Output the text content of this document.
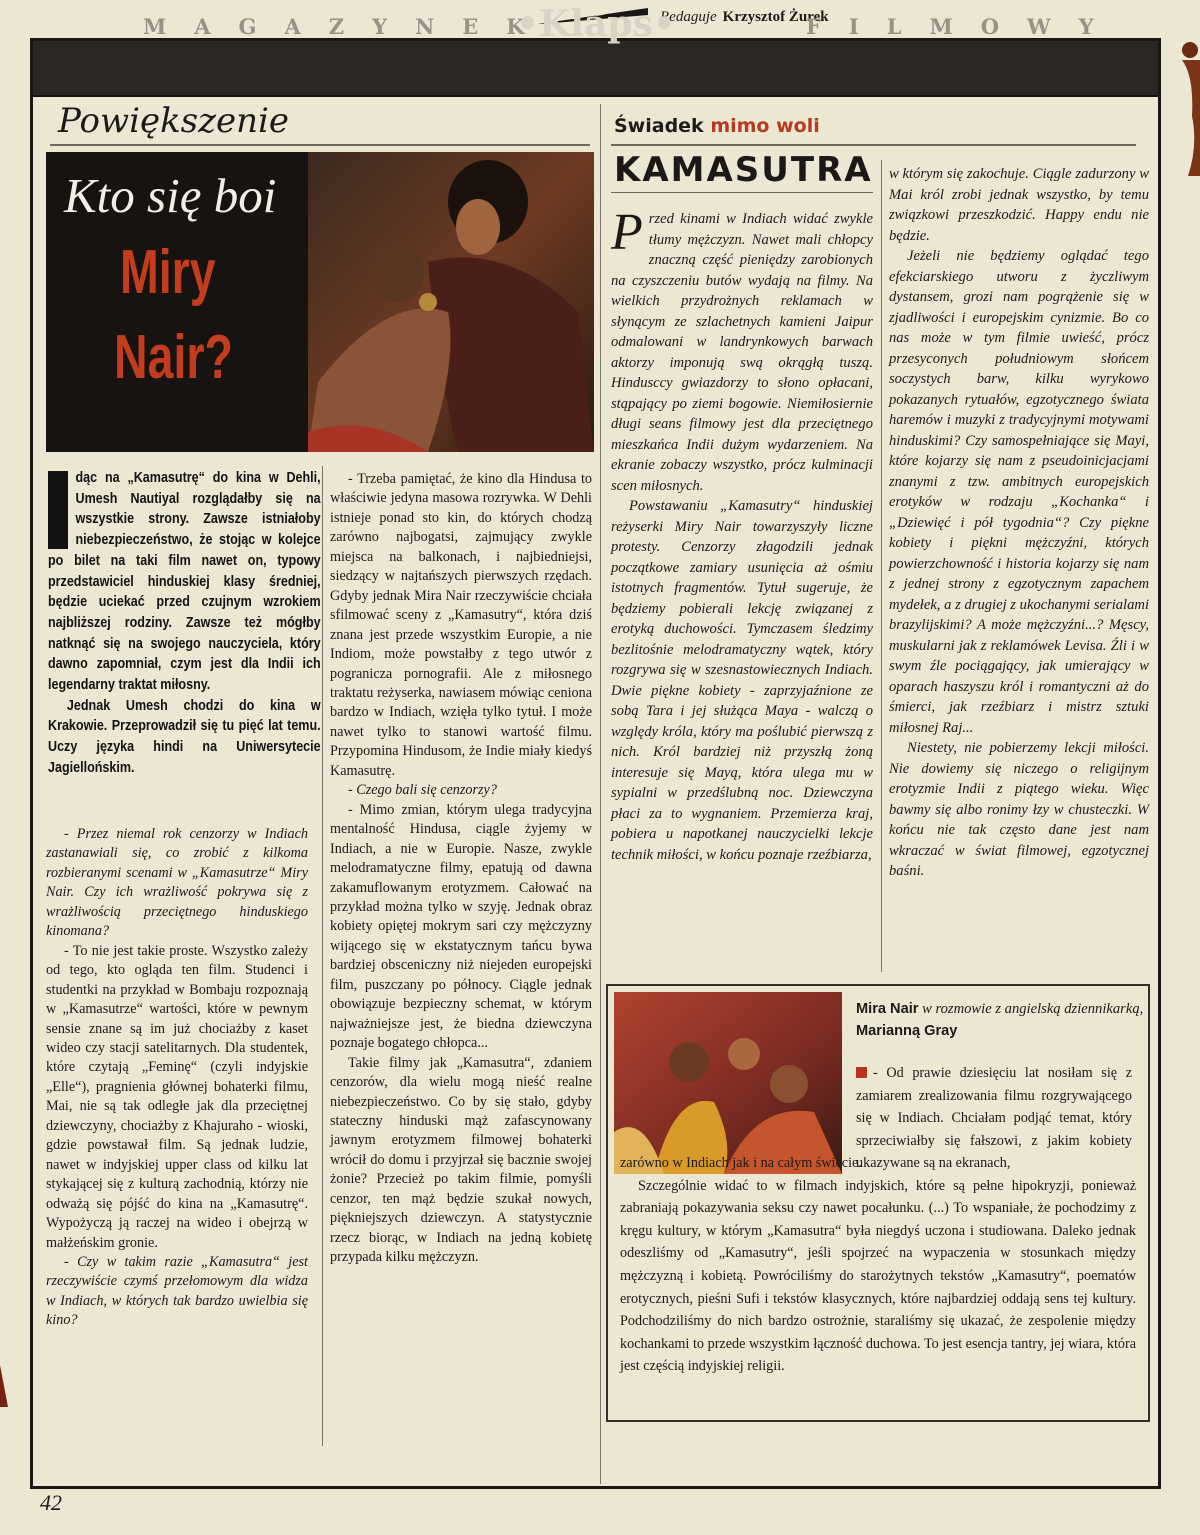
Redaguje Krzysztof Żurek
MAGAZYNEK
•Klaps•	FILMOWY
Powiększenie
Kto się boi
Miry
Nair?

dąc na „Kamasutrę“ do kina w Dehli, Umesh Nautiyal rozglądałby się na wszystkie strony. Zawsze istniałoby niebezpieczeństwo, że stojąc w kolejce po bilet na taki film nawet on, typowy przedstawiciel hinduskiej klasy średniej, będzie uciekać przed czujnym wzrokiem najbliższej rodziny. Zawsze też mógłby natknąć się na swojego nauczyciela, który dawno zapomniał, czym jest dla Indii ich legendarny traktat miłosny.

Jednak Umesh chodzi do kina w Krakowie. Przeprowadził się tu pięć lat temu. Uczy języka hindi na Uniwersytecie Jagiellońskim.

- Przez niemal rok cenzorzy w Indiach zastanawiali się, co zrobić z kilkoma rozbieranymi scenami w „Kamasutrze“ Miry Nair. Czy ich wrażliwość pokrywa się z wrażliwością przeciętnego hinduskiego kinomana?

- To nie jest takie proste. Wszystko zależy od tego, kto ogląda ten film. Studenci i studentki na przykład w Bombaju rozpoznają w „Kamasutrze“ wartości, które w pewnym sensie znane są im już chociażby z kaset wideo czy stacji satelitarnych. Dla studentek, które czytają „Feminę“ (czyli indyjskie „Elle“), pragnienia głównej bohaterki filmu, Mai, nie są tak odległe jak dla przeciętnej dziewczyny, chociażby z Khajuraho - wioski, gdzie powstawał film. Są jednak ludzie, nawet w indyjskiej upper class od kilku lat stykającej się z kulturą zachodnią, którzy nie odważą się pójść do kina na „Kamasutrę“. Wypożyczą ją raczej na wideo i obejrzą w małżeńskim gronie.

- Czy w takim razie „Kamasutra“ jest rzeczywiście czymś przełomowym dla widza w Indiach, w których tak bardzo uwielbia się kino?

- Trzeba pamiętać, że kino dla Hindusa to właściwie jedyna masowa rozrywka. W Dehli istnieje ponad sto kin, do których chodzą zarówno najbogatsi, zajmujący zwykle miejsca na balkonach, i najbiedniejsi, siedzący w najtańszych pierwszych rzędach. Gdyby jednak Mira Nair rzeczywiście chciała sfilmować sceny z „Kamasutry“, która dziś znana jest przede wszystkim Europie, a nie Indiom, może powstałby z tego utwór z pogranicza pornografii. Ale z miłosnego traktatu reżyserka, nawiasem mówiąc ceniona bardzo w Indiach, wzięła tylko tytuł. I może nawet tylko to stanowi wartość filmu. Przypomina Hindusom, że Indie miały kiedyś Kamasutrę.

- Czego bali się cenzorzy?

- Mimo zmian, którym ulega tradycyjna mentalność Hindusa, ciągle żyjemy w Indiach, a nie w Europie. Nasze, zwykle melodramatyczne filmy, epatują od dawna zakamuflowanym erotyzmem. Całować na przykład można tylko w szyję. Jednak obraz kobiety opiętej mokrym sari czy mężczyzny wijącego się w ekstatycznym tańcu bywa bardziej obsceniczny niż niejeden europejski film, puszczany po północy. Ciągle jednak obowiązuje bezpieczny schemat, w którym najważniejsze jest, że biedna dziewczyna poznaje bogatego chłopca...

Takie filmy jak „Kamasutra“, zdaniem cenzorów, dla wielu mogą nieść realne niebezpieczeństwo. Co by się stało, gdyby stateczny hinduski mąż zafascynowany jawnym erotyzmem filmowej bohaterki wrócił do domu i przyjrzał się bacznie swojej żonie? Przecież po takim filmie, pomyśli cenzor, ten mąż będzie szukał nowych, piękniejszych dziewczyn. A statystycznie rzecz biorąc, w Indiach na jedną kobietę przypada kilku mężczyzn.

Świadek mimo woli
KAMASUTRA
P rzed kinami w Indiach widać zwykle tłumy mężczyzn. Nawet mali chłopcy znaczną część pieniędzy zarobionych na czyszczeniu butów wydają na filmy. Na wielkich przydrożnych reklamach w słynącym ze szlachetnych kamieni Jaipur odmalowani w landrynkowych barwach aktorzy imponują swą okrągłą tuszą. Hindusccy gwiazdorzy to słono opłacani, stąpający po ziemi bogowie. Niemiłosiernie długi seans filmowy jest dla przeciętnego mieszkańca Indii dużym wydarzeniem. Na ekranie zobaczy wszystko, prócz kulminacji scen miłosnych.

Powstawaniu „Kamasutry“ hinduskiej reżyserki Miry Nair towarzyszyły liczne protesty. Cenzorzy złagodzili jednak początkowe zamiary usunięcia aż ośmiu istotnych fragmentów. Tytuł sugeruje, że będziemy pobierali lekcję związanej z erotyką duchowości. Tymczasem śledzimy bezlitośnie melodramatyczny wątek, który rozgrywa się w szesnastowiecznych Indiach. Dwie piękne kobiety - zaprzyjaźnione ze sobą Tara i jej służąca Maya - walczą o względy króla, który ma poślubić pierwszą z nich. Król bardziej niż przyszłą żoną interesuje się Mayą, która ulega mu w sypialni w przedślubną noc. Dziewczyna płaci za to wygnaniem. Przemierza kraj, pobiera u napotkanej nauczycielki lekcje technik miłości, w końcu poznaje rzeźbiarza,

w którym się zakochuje. Ciągle zadurzony w Mai król zrobi jednak wszystko, by temu związkowi przeszkodzić. Happy endu nie będzie.

Jeżeli nie będziemy oglądać tego efekciarskiego utworu z życzliwym dystansem, grozi nam pogrążenie się w zjadliwości i europejskim cynizmie. Bo co nas może w tym filmie uwieść, prócz przesyconych południowym słońcem soczystych barw, kilku wyrykowo pokazanych rytuałów, egzotycznego świata haremów i muzyki z tradycyjnymi motywami hinduskimi? Czy samospełniające się Mayi, które kojarzy się nam z pseudoinicjacjami znanymi z tzw. ambitnych europejskich erotyków w rodzaju „Kochanka“ i „Dziewięć i pół tygodnia“? Czy piękne kobiety i piękni mężczyźni, których powierzchowność i historia kojarzy się nam z jednej strony z egzotycznym zapachem mydełek, a z drugiej z ukochanymi serialami brazylijskimi? A może mężczyźni...? Męscy, muskularni jak z reklamówek Levisa. Źli i w swym źle pociągający, jak umierający w oparach haszyszu król i romantyczni aż do śmierci, jak rzeźbiarz i mistrz sztuki miłosnej Raj...

Niestety, nie pobierzemy lekcji miłości. Nie dowiemy się niczego o religijnym erotyzmie Indii z piątego wieku. Więc bawmy się albo ronimy łzy w chusteczki. W końcu nie tak często dane jest nam wkraczać w świat filmowej, egzotycznej baśni.

Mira Nair w rozmowie z angielską dziennikarką, Marianną Gray

- Od prawie dziesięciu lat nosiłam się z zamiarem zrealizowania filmu rozgrywającego się w Indiach. Chciałam podjąć temat, który sprzeciwiałby się fałszowi, z jakim kobiety ukazywane są na ekranach,

zarówno w Indiach jak i na całym świecie.

Szczególnie widać to w filmach indyjskich, które są pełne hipokryzji, ponieważ zabraniają pokazywania seksu czy nawet pocałunku. (...) To wspaniałe, że pochodzimy z kręgu kultury, w którym „Kamasutra“ była niegdyś uczona i studiowana. Daleko jednak odeszliśmy od „Kamasutry“, jeśli spojrzeć na wypaczenia w stosunkach między mężczyzną i kobietą. Powróciliśmy do starożytnych tekstów „Kamasutry“, poematów erotycznych, pieśni Sufi i tekstów klasycznych, które najbardziej oddają sens tej kultury. Podchodziliśmy do nich bardzo ostrożnie, staraliśmy się ukazać, że zespolenie między kochankami to przede wszystkim łączność duchowa. To jest esencja tantry, jej wiara, która jest częścią indyjskiej religii.

42
